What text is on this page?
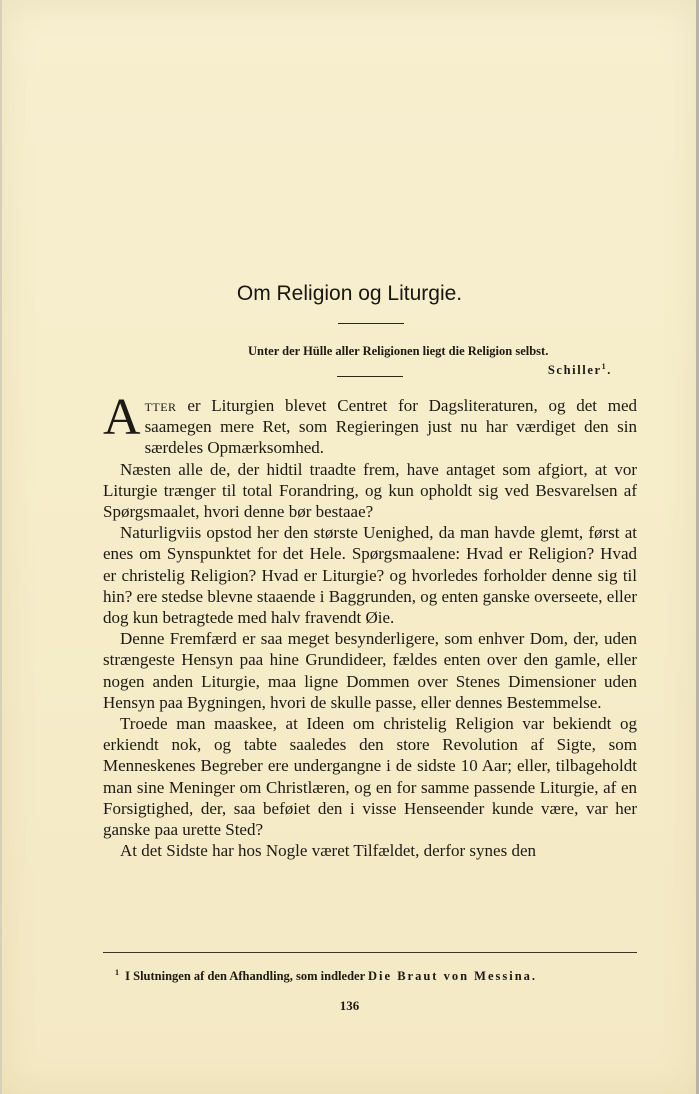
Om Religion og Liturgie.
Unter der Hülle aller Religionen liegt die Religion selbst.
Schiller$^1$.

Atter er Liturgien blevet Centret for Dagsliteraturen, og det med saamegen mere Ret, som Regieringen just nu har værdiget den sin særdeles Opmærksomhed.

Næsten alle de, der hidtil traadte frem, have antaget som afgiort, at vor Liturgie trænger til total Forandring, og kun opholdt sig ved Besvarelsen af Spørgsmaalet, hvori denne bør bestaae?

Naturligviis opstod her den største Uenighed, da man havde glemt, først at enes om Synspunktet for det Hele. Spørgsmaalene: Hvad er Religion? Hvad er christelig Religion? Hvad er Liturgie? og hvorledes forholder denne sig til hin? ere stedse blevne staaende i Baggrunden, og enten ganske overseete, eller dog kun betragtede med halv fravendt Øie.

Denne Fremfærd er saa meget besynderligere, som enhver Dom, der, uden strængeste Hensyn paa hine Grundideer, fældes enten over den gamle, eller nogen anden Liturgie, maa ligne Dommen over Stenes Dimensioner uden Hensyn paa Bygningen, hvori de skulle passe, eller dennes Bestemmelse.

Troede man maaskee, at Ideen om christelig Religion var bekiendt og erkiendt nok, og tabte saaledes den store Revolution af Sigte, som Menneskenes Begreber ere undergangne i de sidste 10 Aar; eller, tilbageholdt man sine Meninger om Christlæren, og en for samme passende Liturgie, af en Forsigtighed, der, saa beføiet den i visse Henseender kunde være, var her ganske paa urette Sted?

At det Sidste har hos Nogle været Tilfældet, derfor synes den

$^1$ I Slutningen af den Afhandling, som indleder Die Braut von Messina.
136
